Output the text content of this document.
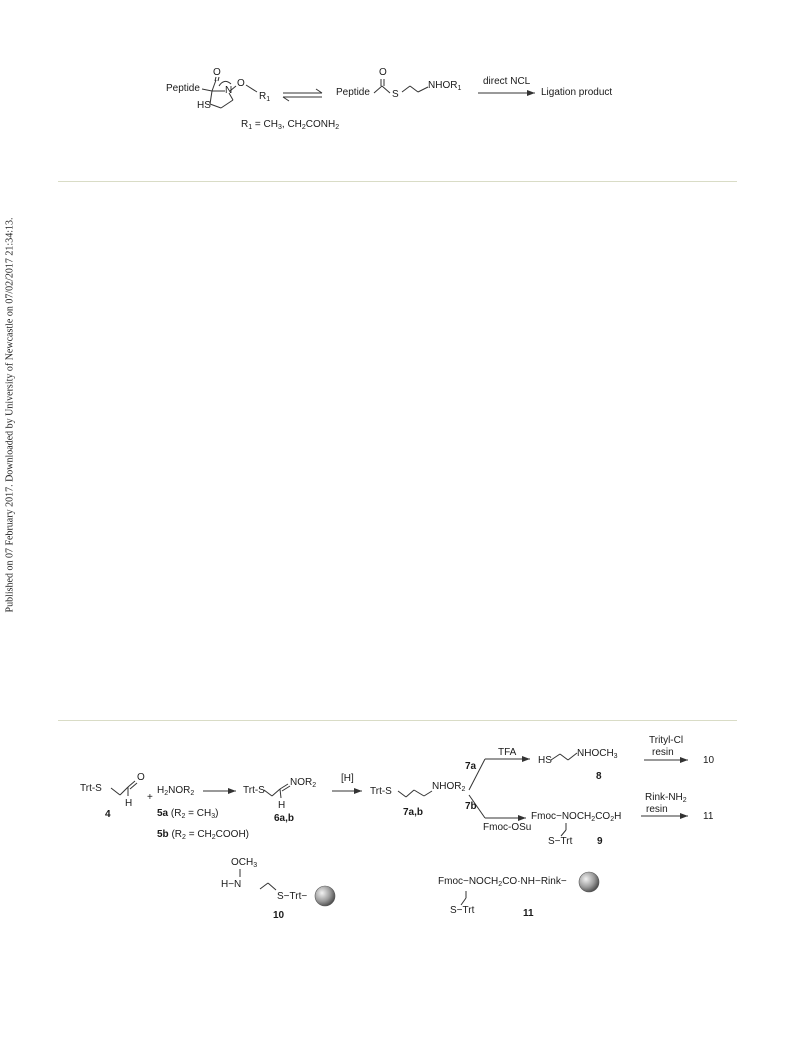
Published on 07 February 2017. Downloaded by University of Newcastle on 07/02/2017 21:34:13.
Peptide
O
N
O
$R_1$
HS
Peptide
O
S
$NHOR_1$
direct NCL
Ligation product
$R_1 = CH_3$, $CH_2CONH_2$
Trt-S
O
H
4
+
$H_2NOR_2$
5a $(R_2 = CH_3)$
5b ($R_2$ = $CH_2COOH$)
Trt-S
$NOR_2$
H
6a,b
[H]
Trt-S	$NHOR_2$
7a,b
7a
7b
TFA
Fmoc-OSu
HS
$NHOCH_3$
8
$Fmoc-NOCH_2CO_2H$
S−Trt 9
Trityl-Cl
resin
10
Rink-$NH_2$
resin
11
$OCH_3$
H−N
S−Trt−
10
$Fmoc-NOCH_2CO\cdot NH-Rink-$
S−Trt	11
